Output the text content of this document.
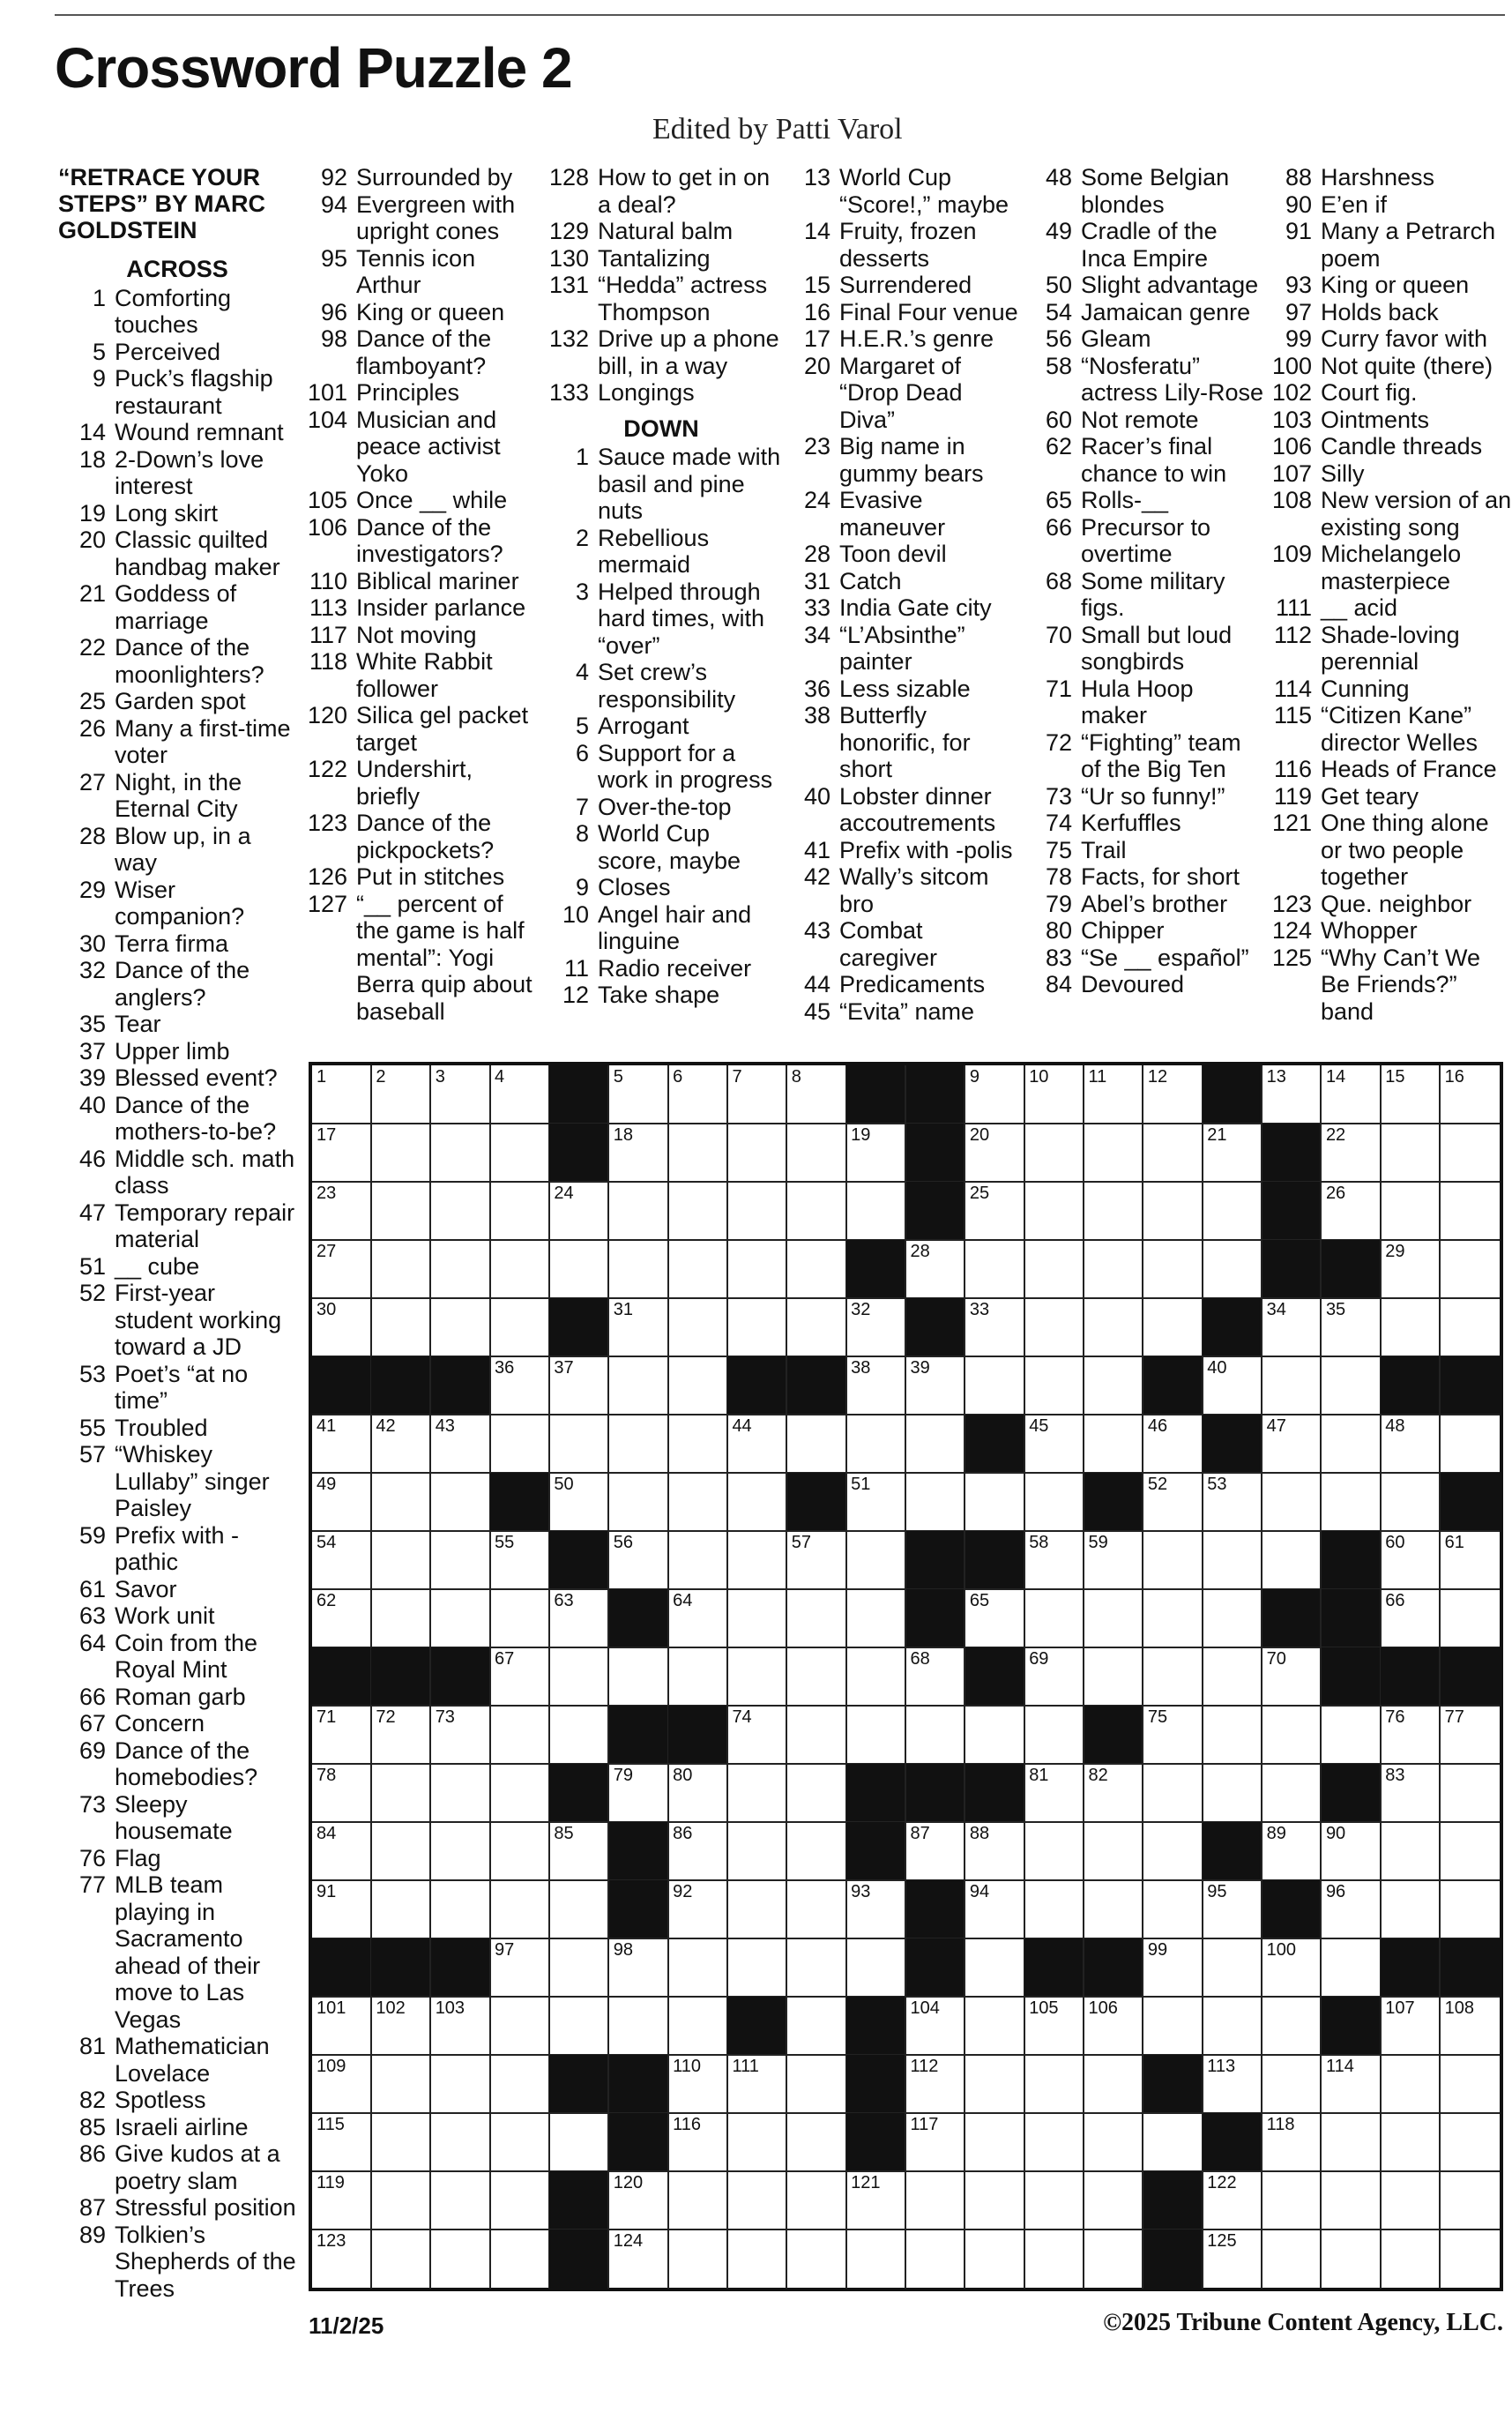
Crossword Puzzle 2
Edited by Patti Varol
“RETRACE YOUR STEPS” BY MARC GOLDSTEIN
ACROSS
1 Comforting touches
5 Perceived
9 Puck’s flagship restaurant
14 Wound remnant
18 2-Down’s love interest
19 Long skirt
20 Classic quilted handbag maker
21 Goddess of marriage
22 Dance of the moonlighters?
25 Garden spot
26 Many a first-time voter
27 Night, in the Eternal City
28 Blow up, in a way
29 Wiser companion?
30 Terra firma
32 Dance of the anglers?
35 Tear
37 Upper limb
39 Blessed event?
40 Dance of the mothers-to-be?
46 Middle sch. math class
47 Temporary repair material
51 __ cube
52 First-year student working toward a JD
53 Poet’s “at no time”
55 Troubled
57 “Whiskey Lullaby” singer Paisley
59 Prefix with -pathic
61 Savor
63 Work unit
64 Coin from the Royal Mint
66 Roman garb
67 Concern
69 Dance of the homebodies?
73 Sleepy housemate
76 Flag
77 MLB team playing in Sacramento ahead of their move to Las Vegas
81 Mathematician Lovelace
82 Spotless
85 Israeli airline
86 Give kudos at a poetry slam
87 Stressful position
89 Tolkien’s Shepherds of the Trees
92 Surrounded by
94 Evergreen with upright cones
95 Tennis icon Arthur
96 King or queen
98 Dance of the flamboyant?
101 Principles
104 Musician and peace activist Yoko
105 Once __ while
106 Dance of the investigators?
110 Biblical mariner
113 Insider parlance
117 Not moving
118 White Rabbit follower
120 Silica gel packet target
122 Undershirt, briefly
123 Dance of the pickpockets?
126 Put in stitches
127 “__ percent of the game is half mental”: Yogi Berra quip about baseball
128 How to get in on a deal?
129 Natural balm
130 Tantalizing
131 “Hedda” actress Thompson
132 Drive up a phone bill, in a way
133 Longings
DOWN
1 Sauce made with basil and pine nuts
2 Rebellious mermaid
3 Helped through hard times, with “over”
4 Set crew’s responsibility
5 Arrogant
6 Support for a work in progress
7 Over-the-top
8 World Cup score, maybe
9 Closes
10 Angel hair and linguine
11 Radio receiver
12 Take shape
13 World Cup “Score!,” maybe
14 Fruity, frozen desserts
15 Surrendered
16 Final Four venue
17 H.E.R.’s genre
20 Margaret of “Drop Dead Diva”
23 Big name in gummy bears
24 Evasive maneuver
28 Toon devil
31 Catch
33 India Gate city
34 “L’Absinthe” painter
36 Less sizable
38 Butterfly honorific, for short
40 Lobster dinner accoutrements
41 Prefix with -polis
42 Wally’s sitcom bro
43 Combat caregiver
44 Predicaments
45 “Evita” name
48 Some Belgian blondes
49 Cradle of the Inca Empire
50 Slight advantage
54 Jamaican genre
56 Gleam
58 “Nosferatu” actress Lily-Rose
60 Not remote
62 Racer’s final chance to win
65 Rolls-__
66 Precursor to overtime
68 Some military figs.
70 Small but loud songbirds
71 Hula Hoop maker
72 “Fighting” team of the Big Ten
73 “Ur so funny!”
74 Kerfuffles
75 Trail
78 Facts, for short
79 Abel’s brother
80 Chipper
83 “Se __ español”
84 Devoured
88 Harshness
90 E’en if
91 Many a Petrarch poem
93 King or queen
97 Holds back
99 Curry favor with
100 Not quite (there)
102 Court fig.
103 Ointments
106 Candle threads
107 Silly
108 New version of an existing song
109 Michelangelo masterpiece
111 __ acid
112 Shade-loving perennial
114 Cunning
115 “Citizen Kane” director Welles
116 Heads of France
119 Get teary
121 One thing alone or two people together
123 Que. neighbor
124 Whopper
125 “Why Can’t We Be Friends?” band
1	2	3	4	5	6	7	8	9	10 11 12	13 14 15 16
17	18	19	20	21	22
23	24	25	26
27	28	29
30	31	32	33	34 35
36 37	38 39	40
41 42 43	44	45	46	47	48
49	50	51	52 53
54	55	56	57	58 59	60 61
62	63	64	65	66
67	68	69	70
71 72 73	74	75	76 77
78	79 80	81 82	83
84	85	86	87 88	89 90
91	92	93	94	95	96
97	98	99	100
101 102 103	104	105 106	107 108
109	110 111	112	113	114
115	116	117	118
119	120	121	122
123	124	125
11/2/25	©2025 Tribune Content Agency, LLC.
